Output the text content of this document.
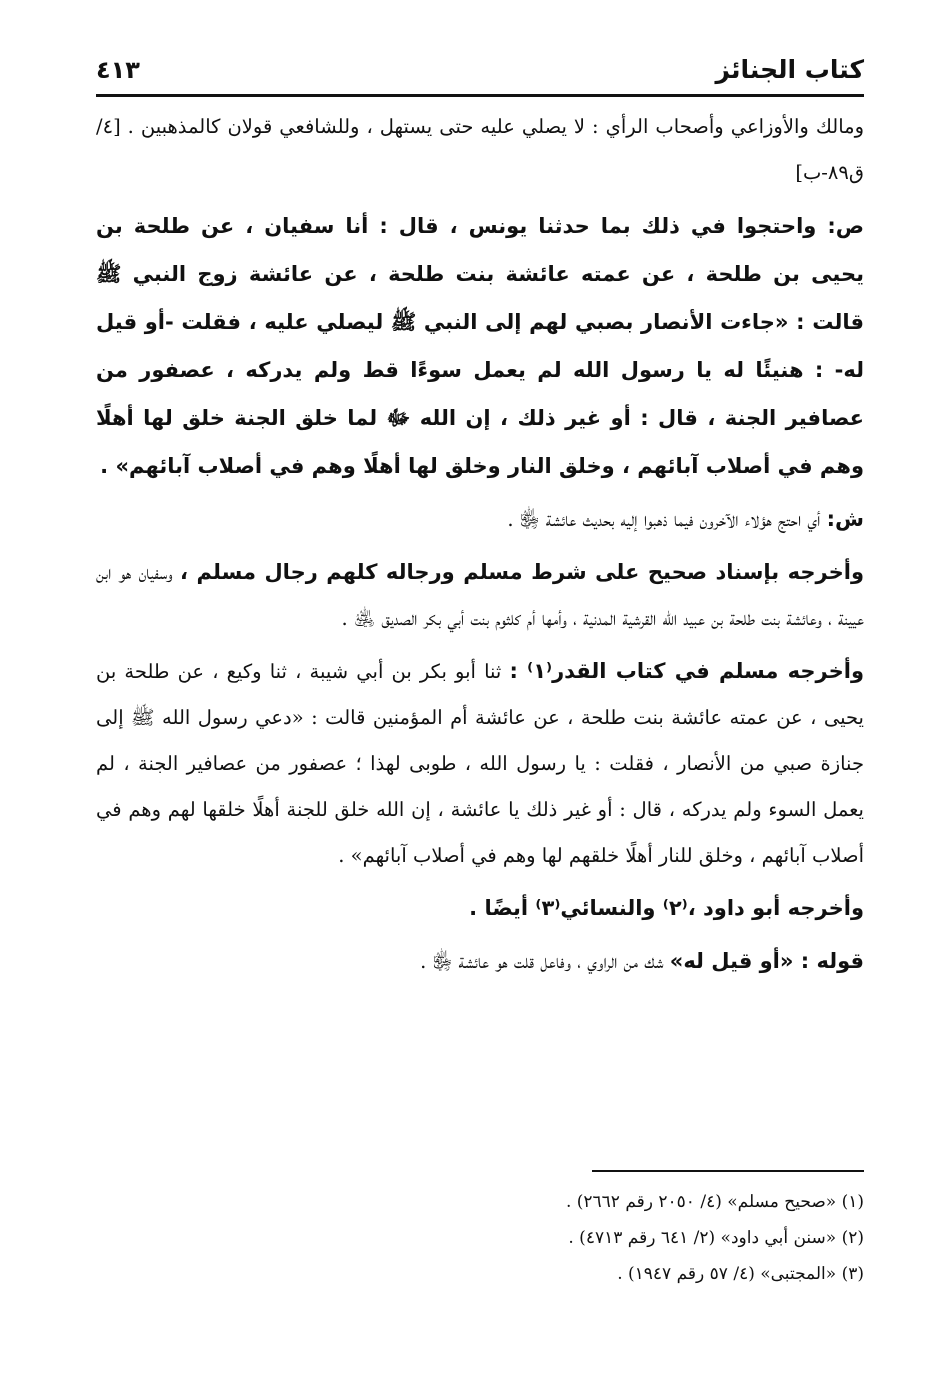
كتاب الجنائز
٤١٣

ومالك والأوزاعي وأصحاب الرأي : لا يصلي عليه حتى يستهل ، وللشافعي قولان كالمذهبين . [٤/ ق٨٩-ب]

ص: واحتجوا في ذلك بما حدثنا يونس ، قال : أنا سفيان ، عن طلحة بن يحيى بن طلحة ، عن عمته عائشة بنت طلحة ، عن عائشة زوج النبي ﷺ قالت : «جاءت الأنصار بصبي لهم إلى النبي ﷺ ليصلي عليه ، فقلت -أو قيل له- : هنيئًا له يا رسول الله لم يعمل سوءًا قط ولم يدركه ، عصفور من عصافير الجنة ، قال : أو غير ذلك ، إن الله ﷻ لما خلق الجنة خلق لها أهلًا وهم في أصلاب آبائهم ، وخلق النار وخلق لها أهلًا وهم في أصلاب آبائهم» .

ش: أي احتج هؤلاء الآخرون فيما ذهبوا إليه بحديث عائشة ﵂ .

وأخرجه بإسناد صحيح على شرط مسلم ورجاله كلهم رجال مسلم ، وسفيان هو ابن عيينة ، وعائشة بنت طلحة بن عبيد الله القرشية المدنية ، وأمها أم كلثوم بنت أبي بكر الصديق ﵁ .

وأخرجه مسلم في كتاب القدر⁽١⁾ : ثنا أبو بكر بن أبي شيبة ، ثنا وكيع ، عن طلحة بن يحيى ، عن عمته عائشة بنت طلحة ، عن عائشة أم المؤمنين قالت : «دعي رسول الله ﷺ إلى جنازة صبي من الأنصار ، فقلت : يا رسول الله ، طوبى لهذا ؛ عصفور من عصافير الجنة ، لم يعمل السوء ولم يدركه ، قال : أو غير ذلك يا عائشة ، إن الله خلق للجنة أهلًا خلقها لهم وهم في أصلاب آبائهم ، وخلق للنار أهلًا خلقهم لها وهم في أصلاب آبائهم» .

وأخرجه أبو داود ،⁽٢⁾ والنسائي⁽٣⁾ أيضًا .

قوله : «أو قيل له» شك من الراوي ، وفاعل قلت هو عائشة ﵂ .

(١) «صحيح مسلم» (٤/ ٢٠٥٠ رقم ٢٦٦٢) .

(٢) «سنن أبي داود» (٢/ ٦٤١ رقم ٤٧١٣) .

(٣) «المجتبى» (٤/ ٥٧ رقم ١٩٤٧) .
